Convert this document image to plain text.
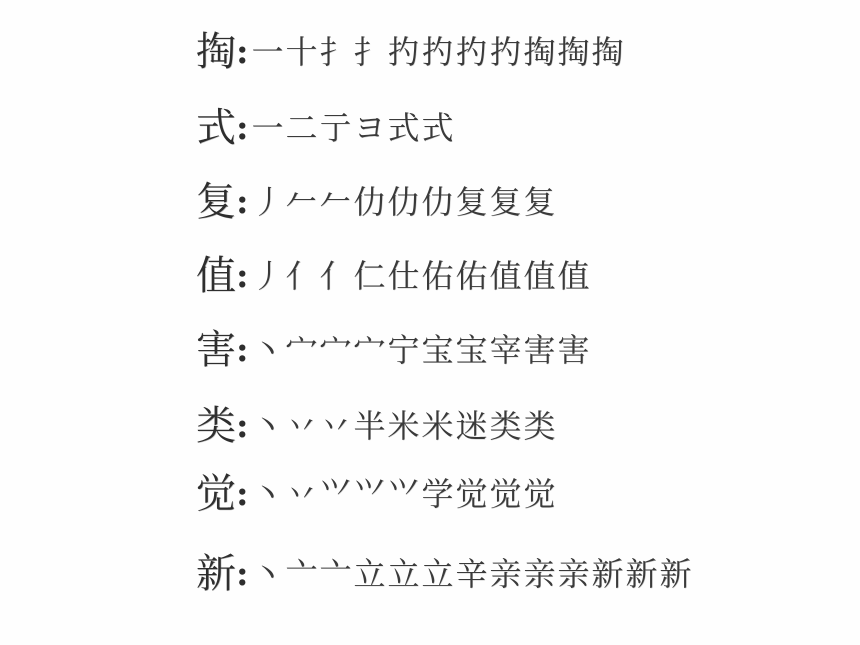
掏 : 一 十 扌 扌 扚 扚 扚 扚 掏 掏 掏
式 : 一 二 亍 ヨ 式 式
复 : 丿 𠂉 𠂉 仂 仂 仂 复 复 复
值 : 丿 亻 亻 仁 仕 佑 佑 值 值 值
害 : 丶 宀 宀 宀 宁 宝 宝 宰 害 害
类 : 丶 丷 丷 半 米 米 迷 类 类
觉 : 丶 丷 ⺍ ⺍ ⺍ 学 觉 觉 觉
新 : 丶 亠 亠 立 立 立 辛 亲 亲 亲 新 新 新
